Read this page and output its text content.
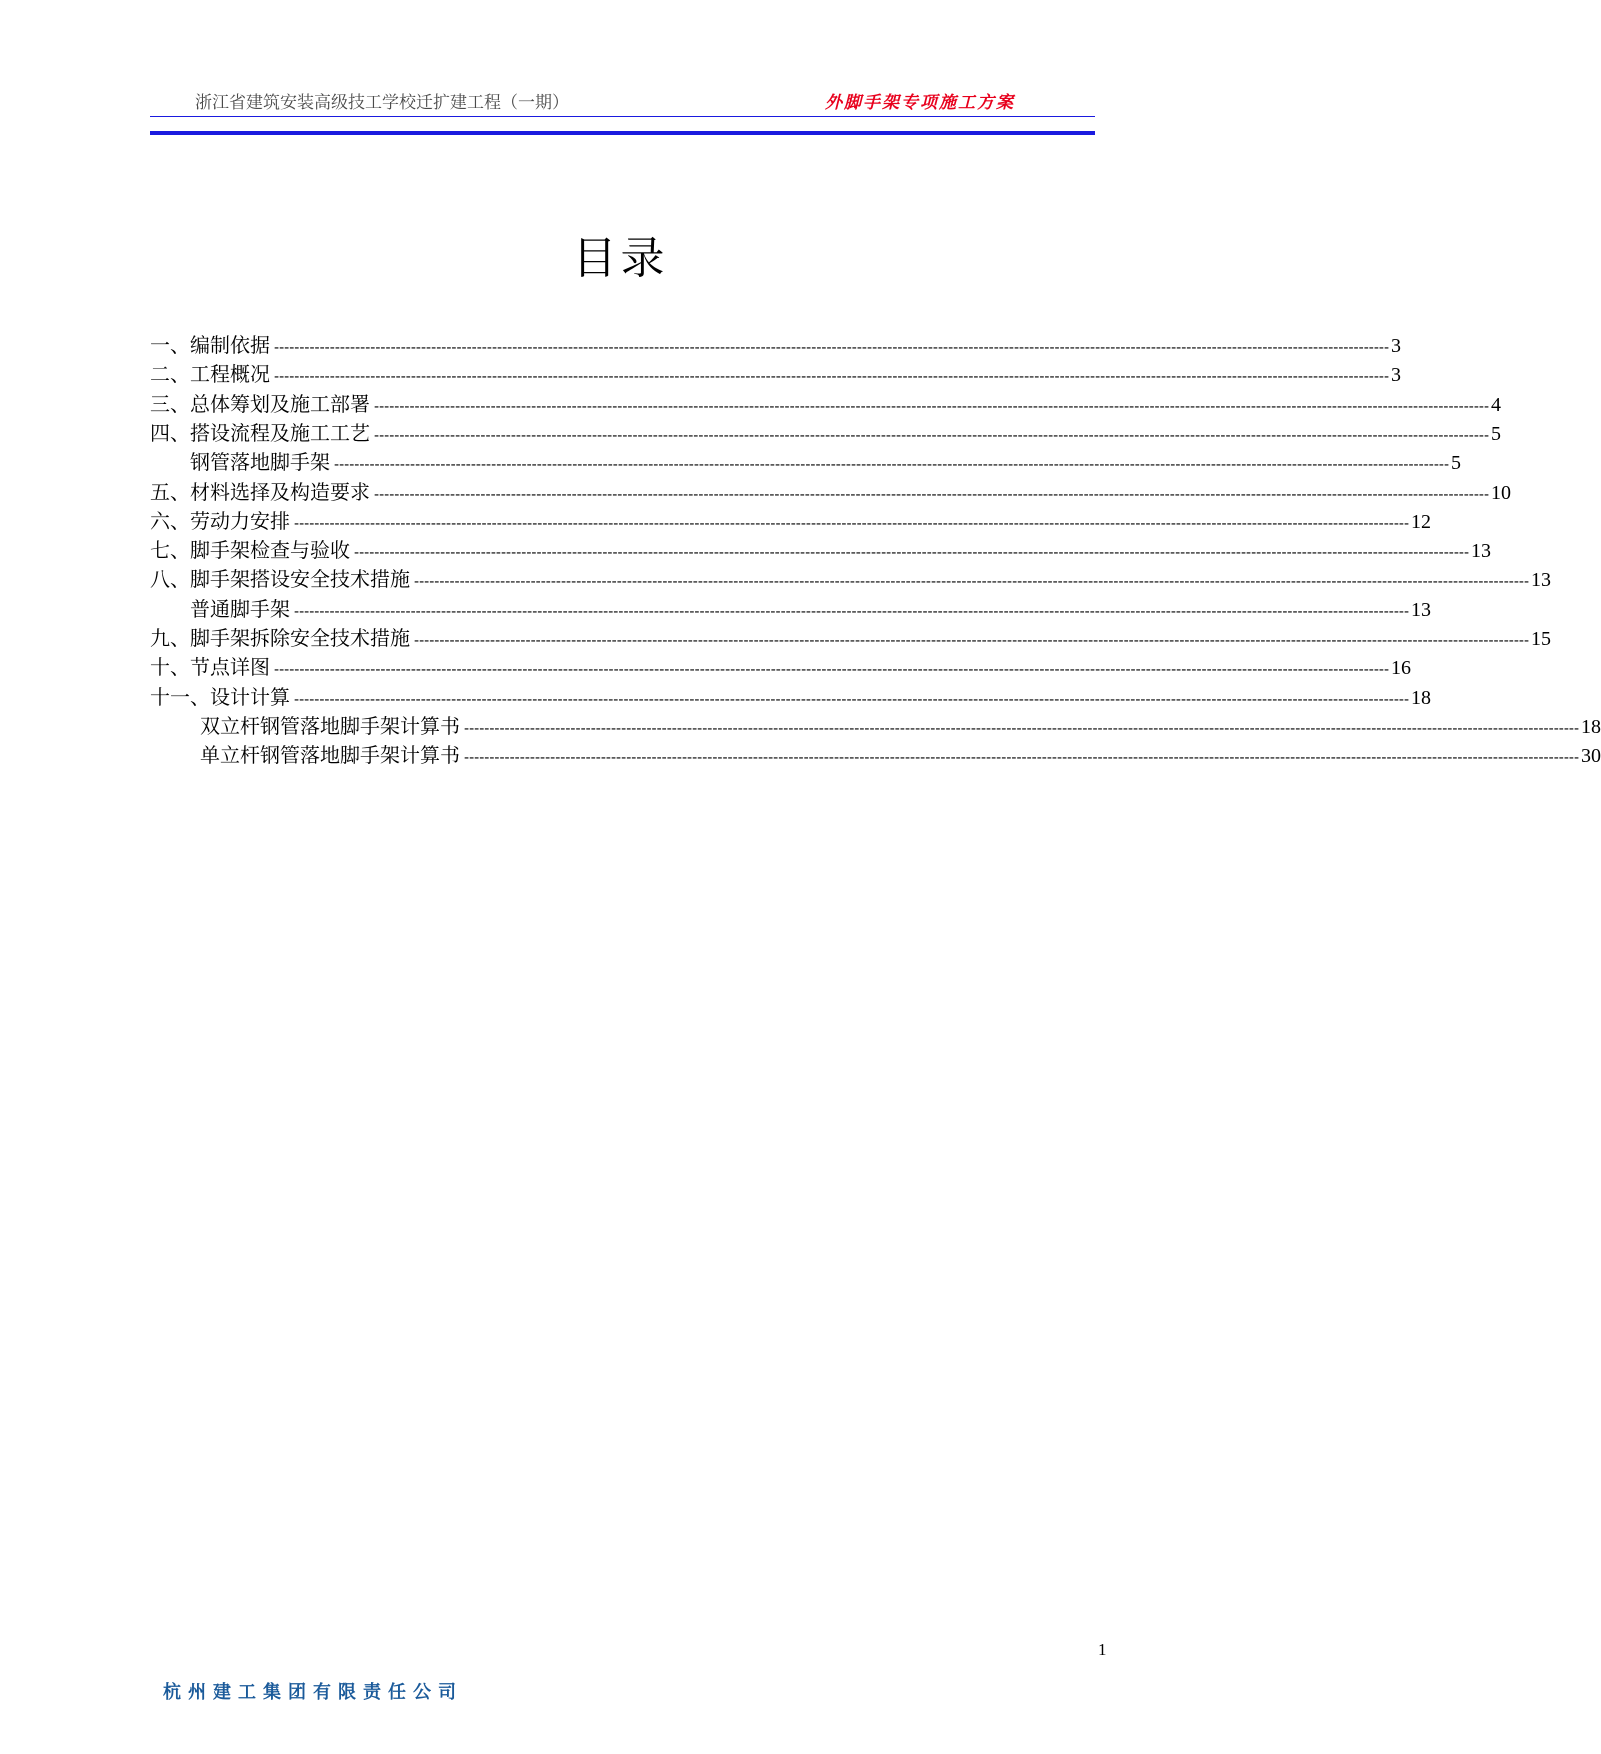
浙江省建筑安装高级技工学校迁扩建工程（一期）	外脚手架专项施工方案
目录
一、编制依据 ---------------------------------------------------------------------------------------------------------------------------------------------------------------------------------------------------------------------------- 3
二、工程概况 ---------------------------------------------------------------------------------------------------------------------------------------------------------------------------------------------------------------------------- 3
三、总体筹划及施工部署 ---------------------------------------------------------------------------------------------------------------------------------------------------------------------------------------------------------------------------- 4
四、搭设流程及施工工艺 ---------------------------------------------------------------------------------------------------------------------------------------------------------------------------------------------------------------------------- 5
钢管落地脚手架 ---------------------------------------------------------------------------------------------------------------------------------------------------------------------------------------------------------------------------- 5
五、材料选择及构造要求 ---------------------------------------------------------------------------------------------------------------------------------------------------------------------------------------------------------------------------- 10
六、劳动力安排 ---------------------------------------------------------------------------------------------------------------------------------------------------------------------------------------------------------------------------- 12
七、脚手架检查与验收 ---------------------------------------------------------------------------------------------------------------------------------------------------------------------------------------------------------------------------- 13
八、脚手架搭设安全技术措施 ---------------------------------------------------------------------------------------------------------------------------------------------------------------------------------------------------------------------------- 13
普通脚手架 ---------------------------------------------------------------------------------------------------------------------------------------------------------------------------------------------------------------------------- 13
九、脚手架拆除安全技术措施 ---------------------------------------------------------------------------------------------------------------------------------------------------------------------------------------------------------------------------- 15
十、节点详图 ---------------------------------------------------------------------------------------------------------------------------------------------------------------------------------------------------------------------------- 16
十一、设计计算 ---------------------------------------------------------------------------------------------------------------------------------------------------------------------------------------------------------------------------- 18
双立杆钢管落地脚手架计算书 ---------------------------------------------------------------------------------------------------------------------------------------------------------------------------------------------------------------------------- 18
单立杆钢管落地脚手架计算书 ---------------------------------------------------------------------------------------------------------------------------------------------------------------------------------------------------------------------------- 30
1
杭州建工集团有限责任公司
